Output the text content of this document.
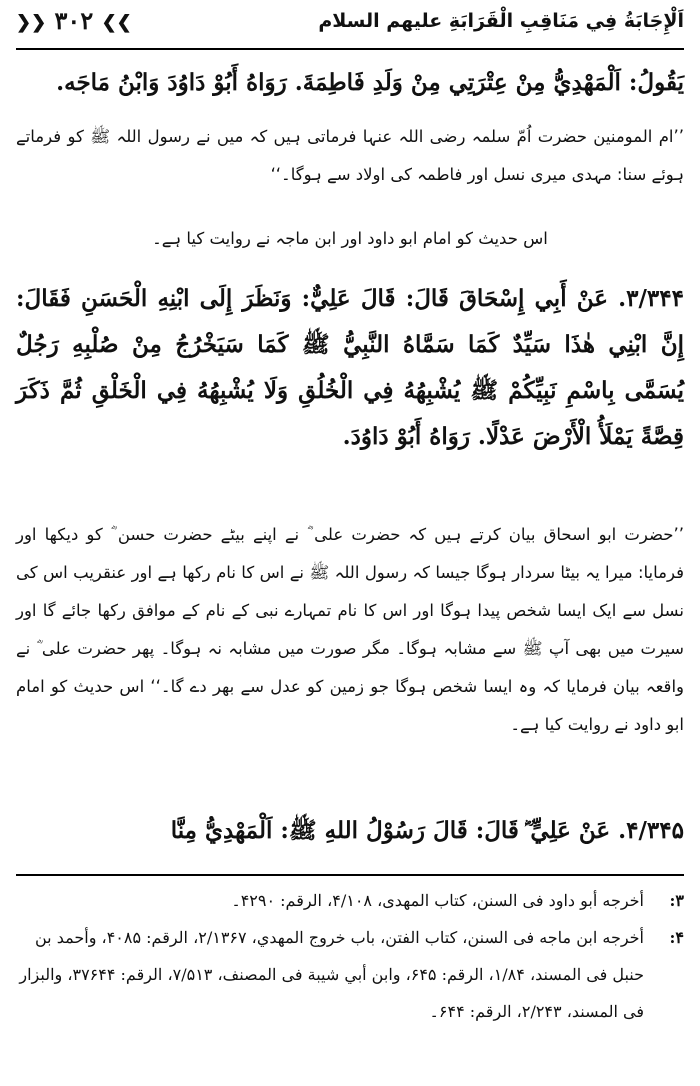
اَلْإِجَابَةُ فِي مَنَاقِبِ الْقَرَابَةِ علیهم السلام
❯❯ ۳۰۲ ❮❮
يَقُولُ: اَلْمَهْدِيُّ مِنْ عِتْرَتِي مِنْ وَلَدِ فَاطِمَةَ. رَوَاهُ أَبُوْ دَاوُدَ وَابْنُ مَاجَه.
’’ام المومنین حضرت اُمّ سلمہ رضی اللہ عنہا فرماتی ہیں کہ میں نے رسول اللہ ﷺ کو فرماتے ہوئے سنا: مہدی میری نسل اور فاطمہ کی اولاد سے ہوگا۔‘‘
اس حدیث کو امام ابو داود اور ابن ماجہ نے روایت کیا ہے۔
۳/۳۴۴. عَنْ أَبِي إِسْحَاقَ قَالَ: قَالَ عَلِيٌّ: وَنَظَرَ إِلَى ابْنِهِ الْحَسَنِ فَقَالَ: إِنَّ ابْنِي هٰذَا سَيِّدٌ كَمَا سَمَّاهُ النَّبِيُّ ﷺ كَمَا سَيَخْرُجُ مِنْ صُلْبِهِ رَجُلٌ يُسَمَّى بِاسْمِ نَبِيِّكُمْ ﷺ يُشْبِهُهُ فِي الْخُلُقِ وَلَا يُشْبِهُهُ فِي الْخَلْقِ ثُمَّ ذَكَرَ قِصَّةً يَمْلَأُ الْأَرْضَ عَدْلًا. رَوَاهُ أَبُوْ دَاوُدَ.
’’حضرت ابو اسحاق بیان کرتے ہیں کہ حضرت علی ؓ نے اپنے بیٹے حضرت حسن ؓ کو دیکھا اور فرمایا: میرا یہ بیٹا سردار ہوگا جیسا کہ رسول اللہ ﷺ نے اس کا نام رکھا ہے اور عنقریب اس کی نسل سے ایک ایسا شخص پیدا ہوگا اور اس کا نام تمہارے نبی کے نام کے موافق رکھا جائے گا اور سیرت میں بھی آپ ﷺ سے مشابہ ہوگا۔ مگر صورت میں مشابہ نہ ہوگا۔ پھر حضرت علی ؓ نے واقعہ بیان فرمایا کہ وہ ایسا شخص ہوگا جو زمین کو عدل سے بھر دے گا۔‘‘ اس حدیث کو امام ابو داود نے روایت کیا ہے۔
۴/۳۴۵. عَنْ عَلِيٍّ ؓ قَالَ: قَالَ رَسُوْلُ اللهِ ﷺ: اَلْمَهْدِيُّ مِنَّا
۳:
أخرجه أبو داود فی السنن، کتاب المهدی، ۴/۱۰۸، الرقم: ۴۲۹۰۔
۴:
أخرجه ابن ماجه فی السنن، کتاب الفتن، باب خروج المهدي، ۲/۱۳۶۷، الرقم: ۴۰۸۵، وأحمد بن حنبل فی المسند، ۱/۸۴، الرقم: ۶۴۵، وابن أبي شيبة فی المصنف، ۷/۵۱۳، الرقم: ۳۷۶۴۴، والبزار فی المسند، ۲/۲۴۳، الرقم: ۶۴۴۔
